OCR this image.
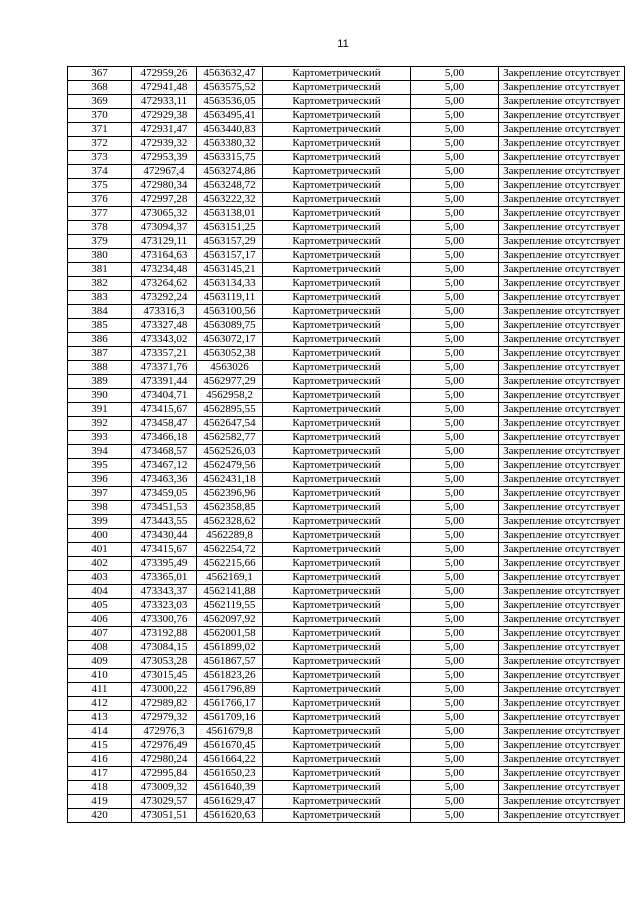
11
367	472959,26	4563632,47	Картометрический	5,00	Закрепление отсутствует
368	472941,48	4563575,52	Картометрический	5,00	Закрепление отсутствует
369	472933,11	4563536,05	Картометрический	5,00	Закрепление отсутствует
370	472929,38	4563495,41	Картометрический	5,00	Закрепление отсутствует
371	472931,47	4563440,83	Картометрический	5,00	Закрепление отсутствует
372	472939,32	4563380,32	Картометрический	5,00	Закрепление отсутствует
373	472953,39	4563315,75	Картометрический	5,00	Закрепление отсутствует
374	472967,4	4563274,86	Картометрический	5,00	Закрепление отсутствует
375	472980,34	4563248,72	Картометрический	5,00	Закрепление отсутствует
376	472997,28	4563222,32	Картометрический	5,00	Закрепление отсутствует
377	473065,32	4563138,01	Картометрический	5,00	Закрепление отсутствует
378	473094,37	4563151,25	Картометрический	5,00	Закрепление отсутствует
379	473129,11	4563157,29	Картометрический	5,00	Закрепление отсутствует
380	473164,63	4563157,17	Картометрический	5,00	Закрепление отсутствует
381	473234,48	4563145,21	Картометрический	5,00	Закрепление отсутствует
382	473264,62	4563134,33	Картометрический	5,00	Закрепление отсутствует
383	473292,24	4563119,11	Картометрический	5,00	Закрепление отсутствует
384	473316,3	4563100,56	Картометрический	5,00	Закрепление отсутствует
385	473327,48	4563089,75	Картометрический	5,00	Закрепление отсутствует
386	473343,02	4563072,17	Картометрический	5,00	Закрепление отсутствует
387	473357,21	4563052,38	Картометрический	5,00	Закрепление отсутствует
388	473371,76	4563026	Картометрический	5,00	Закрепление отсутствует
389	473391,44	4562977,29	Картометрический	5,00	Закрепление отсутствует
390	473404,71	4562958,2	Картометрический	5,00	Закрепление отсутствует
391	473415,67	4562895,55	Картометрический	5,00	Закрепление отсутствует
392	473458,47	4562647,54	Картометрический	5,00	Закрепление отсутствует
393	473466,18	4562582,77	Картометрический	5,00	Закрепление отсутствует
394	473468,57	4562526,03	Картометрический	5,00	Закрепление отсутствует
395	473467,12	4562479,56	Картометрический	5,00	Закрепление отсутствует
396	473463,36	4562431,18	Картометрический	5,00	Закрепление отсутствует
397	473459,05	4562396,96	Картометрический	5,00	Закрепление отсутствует
398	473451,53	4562358,85	Картометрический	5,00	Закрепление отсутствует
399	473443,55	4562328,62	Картометрический	5,00	Закрепление отсутствует
400	473430,44	4562289,8	Картометрический	5,00	Закрепление отсутствует
401	473415,67	4562254,72	Картометрический	5,00	Закрепление отсутствует
402	473395,49	4562215,66	Картометрический	5,00	Закрепление отсутствует
403	473365,01	4562169,1	Картометрический	5,00	Закрепление отсутствует
404	473343,37	4562141,88	Картометрический	5,00	Закрепление отсутствует
405	473323,03	4562119,55	Картометрический	5,00	Закрепление отсутствует
406	473300,76	4562097,92	Картометрический	5,00	Закрепление отсутствует
407	473192,88	4562001,58	Картометрический	5,00	Закрепление отсутствует
408	473084,15	4561899,02	Картометрический	5,00	Закрепление отсутствует
409	473053,28	4561867,57	Картометрический	5,00	Закрепление отсутствует
410	473015,45	4561823,26	Картометрический	5,00	Закрепление отсутствует
411	473000,22	4561796,89	Картометрический	5,00	Закрепление отсутствует
412	472989,82	4561766,17	Картометрический	5,00	Закрепление отсутствует
413	472979,32	4561709,16	Картометрический	5,00	Закрепление отсутствует
414	472976,3	4561679,8	Картометрический	5,00	Закрепление отсутствует
415	472976,49	4561670,45	Картометрический	5,00	Закрепление отсутствует
416	472980,24	4561664,22	Картометрический	5,00	Закрепление отсутствует
417	472995,84	4561650,23	Картометрический	5,00	Закрепление отсутствует
418	473009,32	4561640,39	Картометрический	5,00	Закрепление отсутствует
419	473029,57	4561629,47	Картометрический	5,00	Закрепление отсутствует
420	473051,51	4561620,63	Картометрический	5,00	Закрепление отсутствует
